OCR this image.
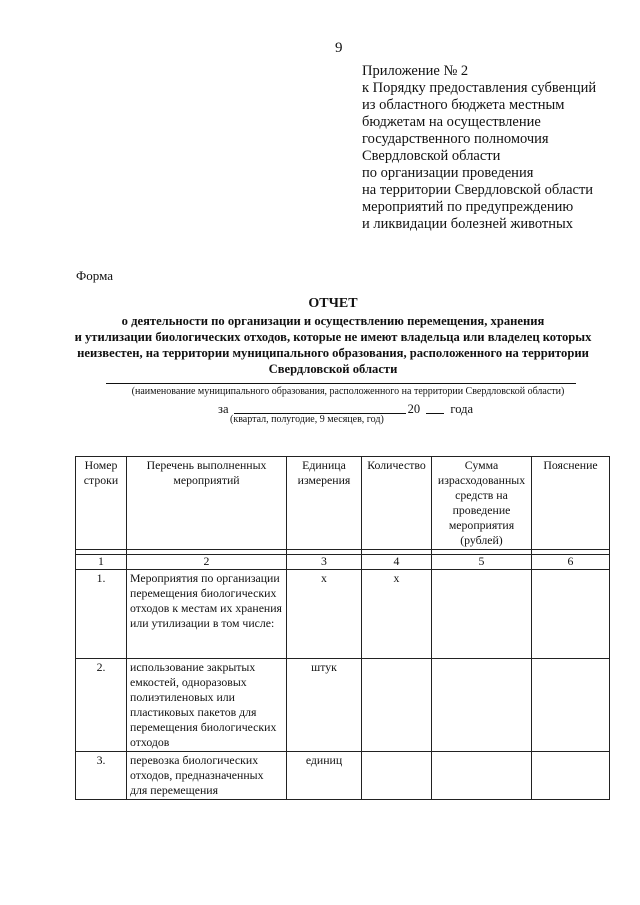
9
Приложение № 2
к Порядку предоставления субвенций
из областного бюджета местным
бюджетам на осуществление
государственного полномочия
Свердловской области
по организации проведения
на территории Свердловской области
мероприятий по предупреждению
и ликвидации болезней животных
Форма
ОТЧЕТ
о деятельности по организации и осуществлению перемещения, хранения
и утилизации биологических отходов, которые не имеют владельца или владелец которых
неизвестен, на территории муниципального образования, расположенного на территории
Свердловской области
(наименование муниципального образования, расположенного на территории Свердловской области)
за	20 года
(квартал, полугодие, 9 месяцев, год)
Номер строки	Перечень выполненных мероприятий	Единица измерения	Количество	Сумма израсходованных средств на проведение мероприятия (рублей)	Пояснение

1	2	3	4	5	6
1.	Мероприятия по организации перемещения биологических отходов к местам их хранения или утилизации в том числе:	х	х		
2.	использование закрытых емкостей, одноразовых полиэтиленовых или пластиковых пакетов для перемещения биологических отходов	штук			
3.	перевозка биологических отходов, предназначенных для перемещения	единиц			
